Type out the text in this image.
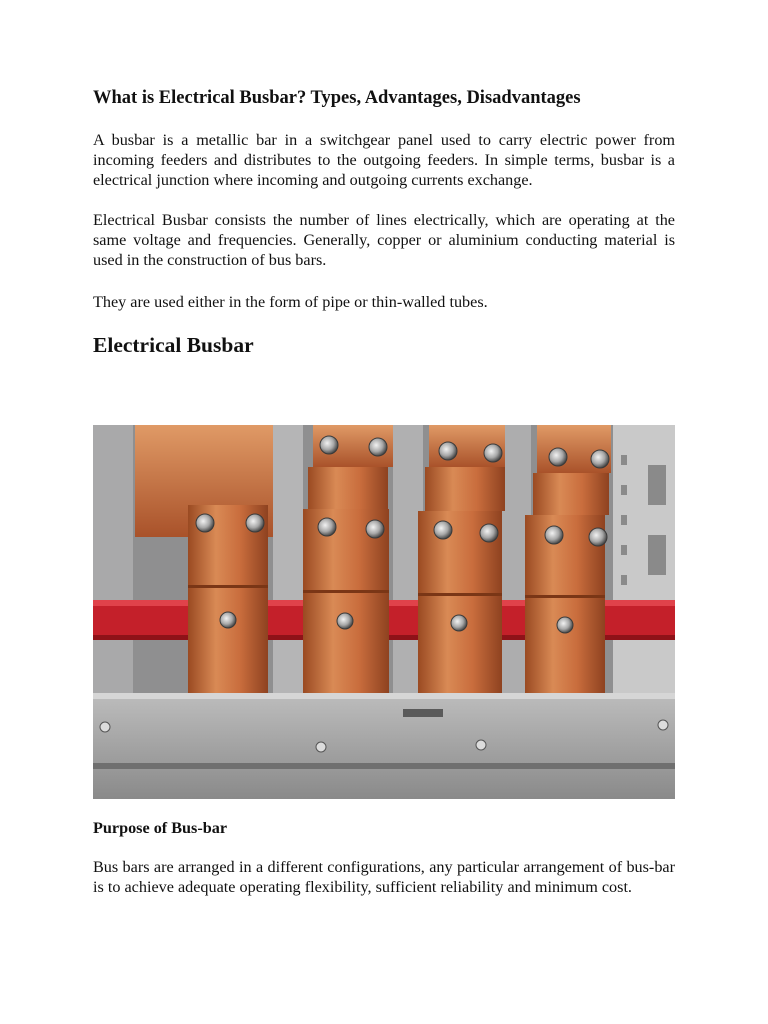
What is Electrical Busbar? Types, Advantages, Disadvantages

A busbar is a metallic bar in a switchgear panel used to carry electric power from incoming feeders and distributes to the outgoing feeders. In simple terms, busbar is a electrical junction where incoming and outgoing currents exchange.

Electrical Busbar consists the number of lines electrically, which are operating at the same voltage and frequencies. Generally, copper or aluminium conducting material is used in the construction of bus bars.

They are used either in the form of pipe or thin-walled tubes.

Electrical Busbar
Purpose of Bus-bar

Bus bars are arranged in a different configurations, any particular arrangement of bus-bar is to achieve adequate operating flexibility, sufficient reliability and minimum cost.
